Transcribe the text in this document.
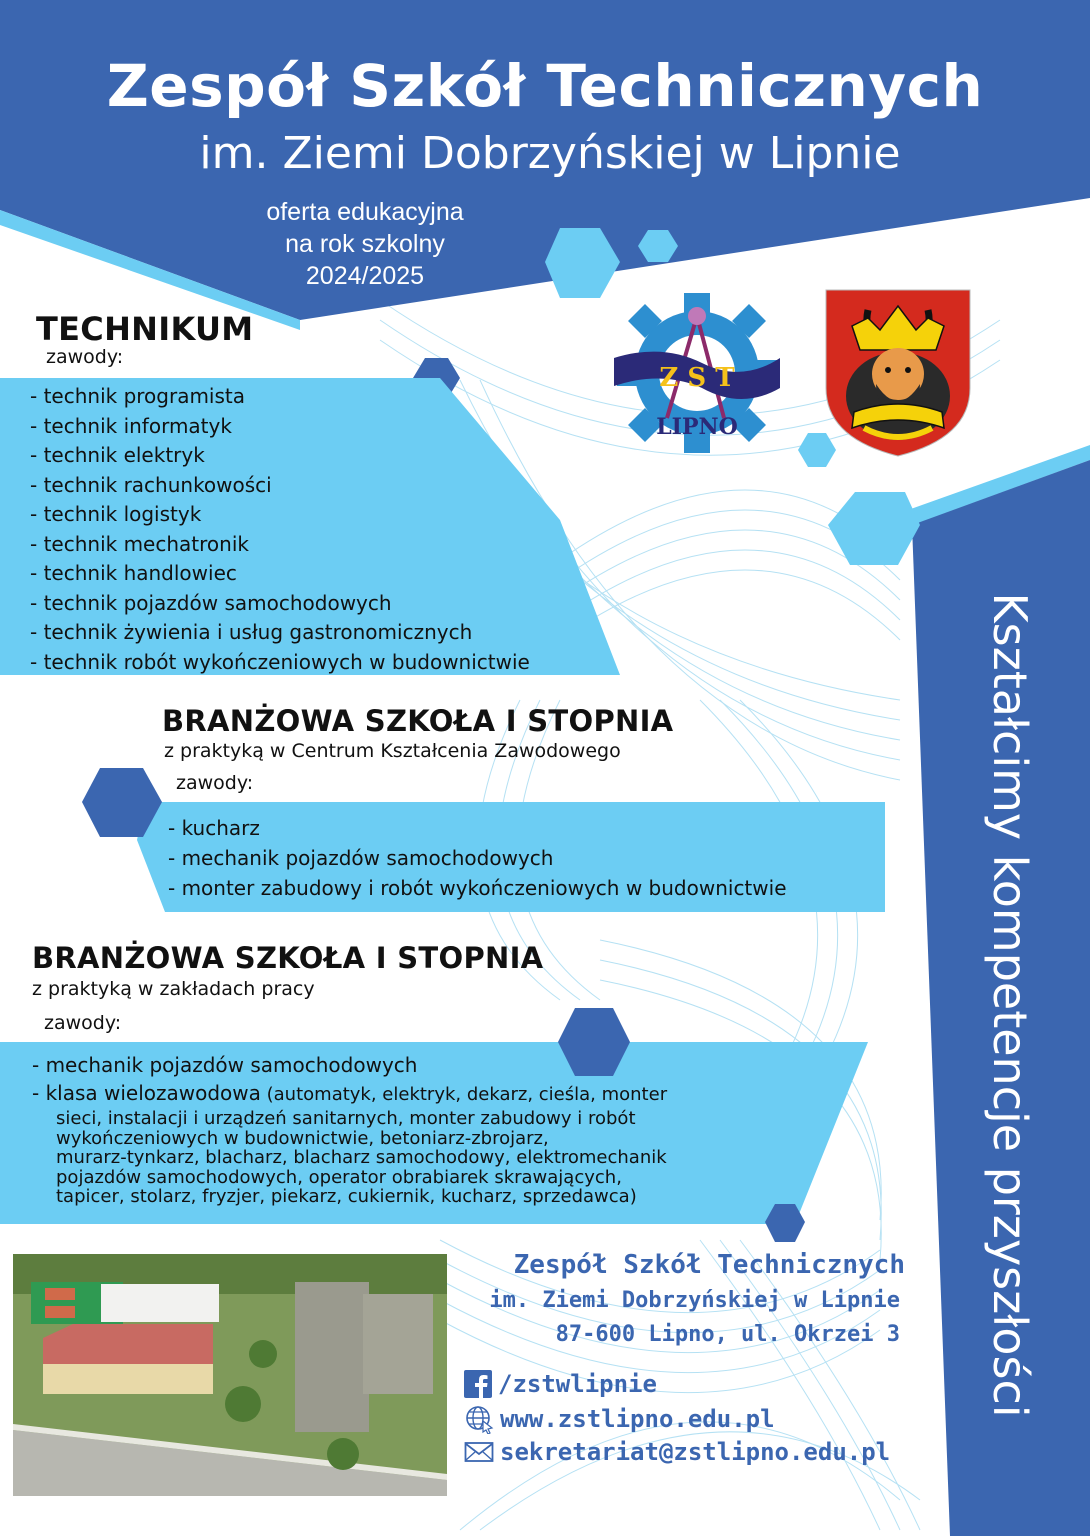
Zespół Szkół Technicznych
im. Ziemi Dobrzyńskiej w Lipnie
oferta edukacyjna
na rok szkolny
2024/2025
Z S T
LIPNO
TECHNIKUM
zawody:
- technik programista
- technik informatyk
- technik elektryk
- technik rachunkowości
- technik logistyk
- technik mechatronik
- technik handlowiec
- technik pojazdów samochodowych
- technik żywienia i usług gastronomicznych
- technik robót wykończeniowych w budownictwie
BRANŻOWA SZKOŁA I STOPNIA
z praktyką w Centrum Kształcenia Zawodowego
zawody:
- kucharz
- mechanik pojazdów samochodowych
- monter zabudowy i robót wykończeniowych w budownictwie
BRANŻOWA SZKOŁA I STOPNIA
z praktyką w zakładach pracy
zawody:
- mechanik pojazdów samochodowych
- klasa wielozawodowa (automatyk, elektryk, dekarz, cieśla, monter
sieci, instalacji i urządzeń sanitarnych, monter zabudowy i robót
wykończeniowych w budownictwie, betoniarz-zbrojarz,
murarz-tynkarz, blacharz, blacharz samochodowy, elektromechanik
pojazdów samochodowych, operator obrabiarek skrawających,
tapicer, stolarz, fryzjer, piekarz, cukiernik, kucharz, sprzedawca)	Kształcimy kompetencje przyszłości
Zespół Szkół Technicznych
im. Ziemi Dobrzyńskiej w Lipnie
87-600 Lipno, ul. Okrzei 3
/zstwlipnie
www.zstlipno.edu.pl
sekretariat@zstlipno.edu.pl
